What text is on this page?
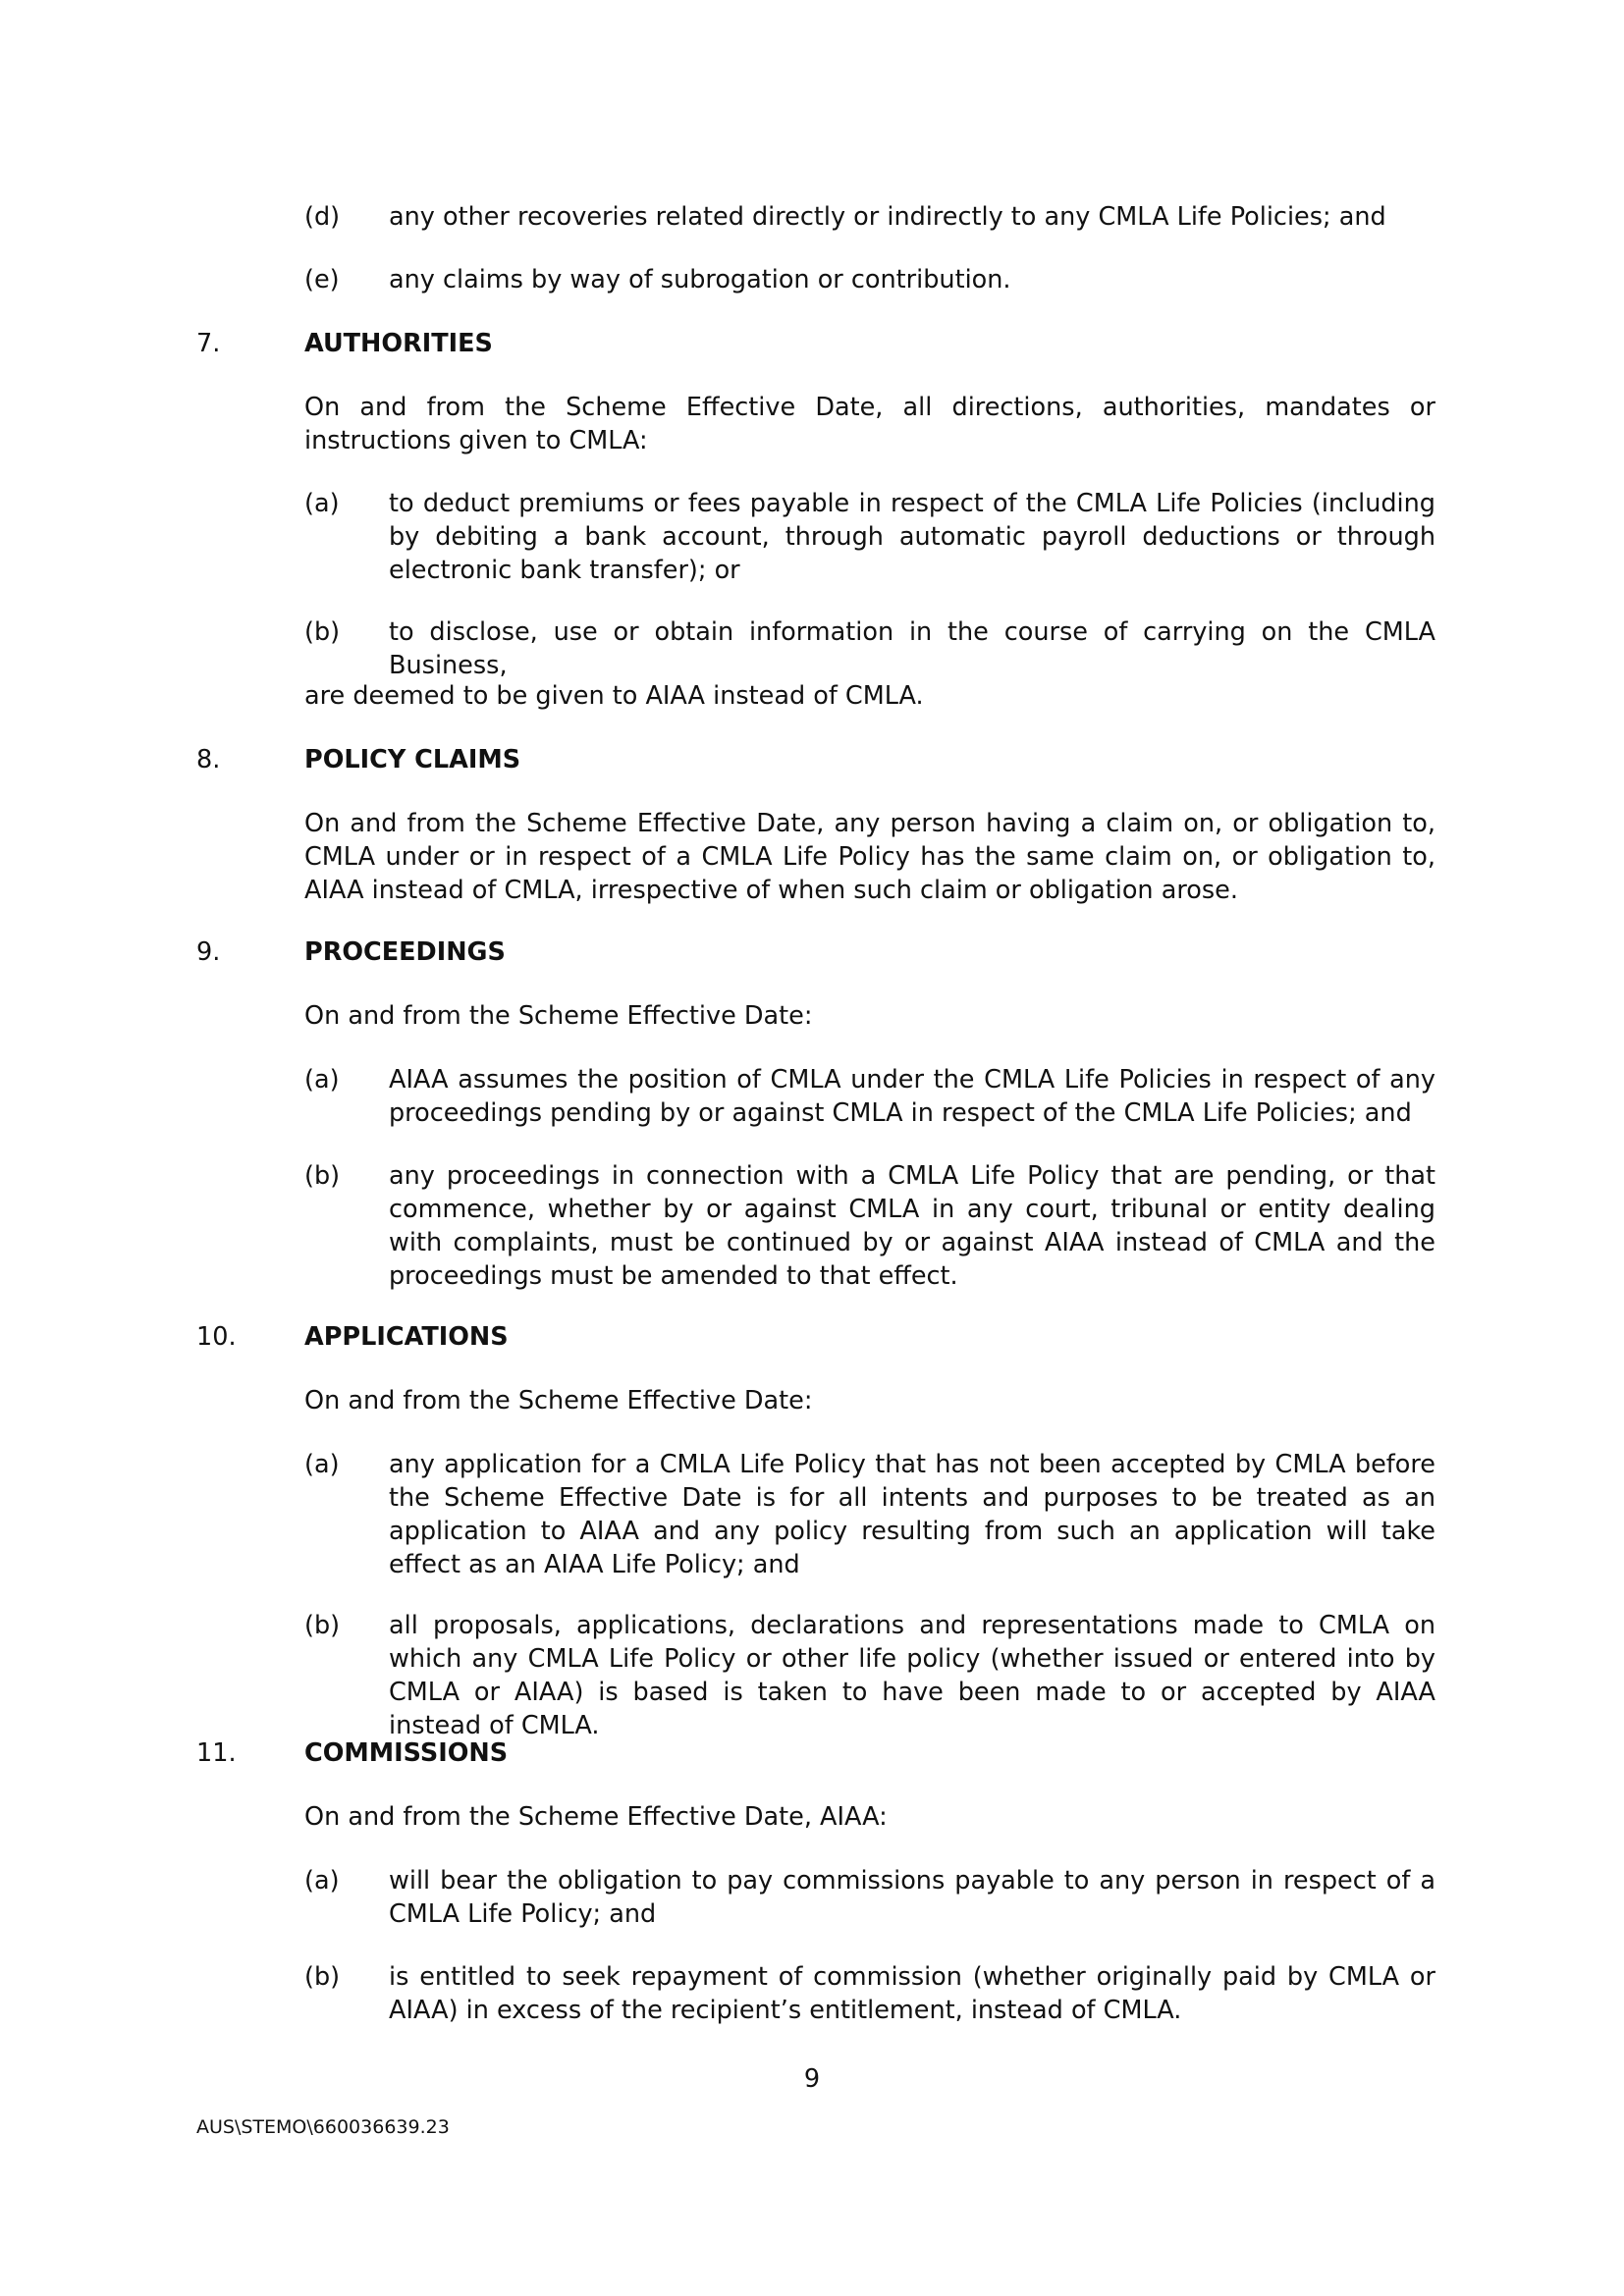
(d)	any other recoveries related directly or indirectly to any CMLA Life Policies; and
(e)	any claims by way of subrogation or contribution.
7.	AUTHORITIES
On and from the Scheme Effective Date, all directions, authorities, mandates or instructions given to CMLA:
(a)	to deduct premiums or fees payable in respect of the CMLA Life Policies (including by debiting a bank account, through automatic payroll deductions or through electronic bank transfer); or
(b)	to disclose, use or obtain information in the course of carrying on the CMLA Business,
are deemed to be given to AIAA instead of CMLA.
8.	POLICY CLAIMS
On and from the Scheme Effective Date, any person having a claim on, or obligation to, CMLA under or in respect of a CMLA Life Policy has the same claim on, or obligation to, AIAA instead of CMLA, irrespective of when such claim or obligation arose.
9.	PROCEEDINGS
On and from the Scheme Effective Date:
(a)	AIAA assumes the position of CMLA under the CMLA Life Policies in respect of any proceedings pending by or against CMLA in respect of the CMLA Life Policies; and
(b)	any proceedings in connection with a CMLA Life Policy that are pending, or that commence, whether by or against CMLA in any court, tribunal or entity dealing with complaints, must be continued by or against AIAA instead of CMLA and the proceedings must be amended to that effect.
10.	APPLICATIONS
On and from the Scheme Effective Date:
(a)	any application for a CMLA Life Policy that has not been accepted by CMLA before the Scheme Effective Date is for all intents and purposes to be treated as an application to AIAA and any policy resulting from such an application will take effect as an AIAA Life Policy; and
(b)	all proposals, applications, declarations and representations made to CMLA on which any CMLA Life Policy or other life policy (whether issued or entered into by CMLA or AIAA) is based is taken to have been made to or accepted by AIAA instead of CMLA.
11.	COMMISSIONS
On and from the Scheme Effective Date, AIAA:
(a)	will bear the obligation to pay commissions payable to any person in respect of a CMLA Life Policy; and
(b)	is entitled to seek repayment of commission (whether originally paid by CMLA or AIAA) in excess of the recipient’s entitlement, instead of CMLA.
9
AUS\STEMO\660036639.23
